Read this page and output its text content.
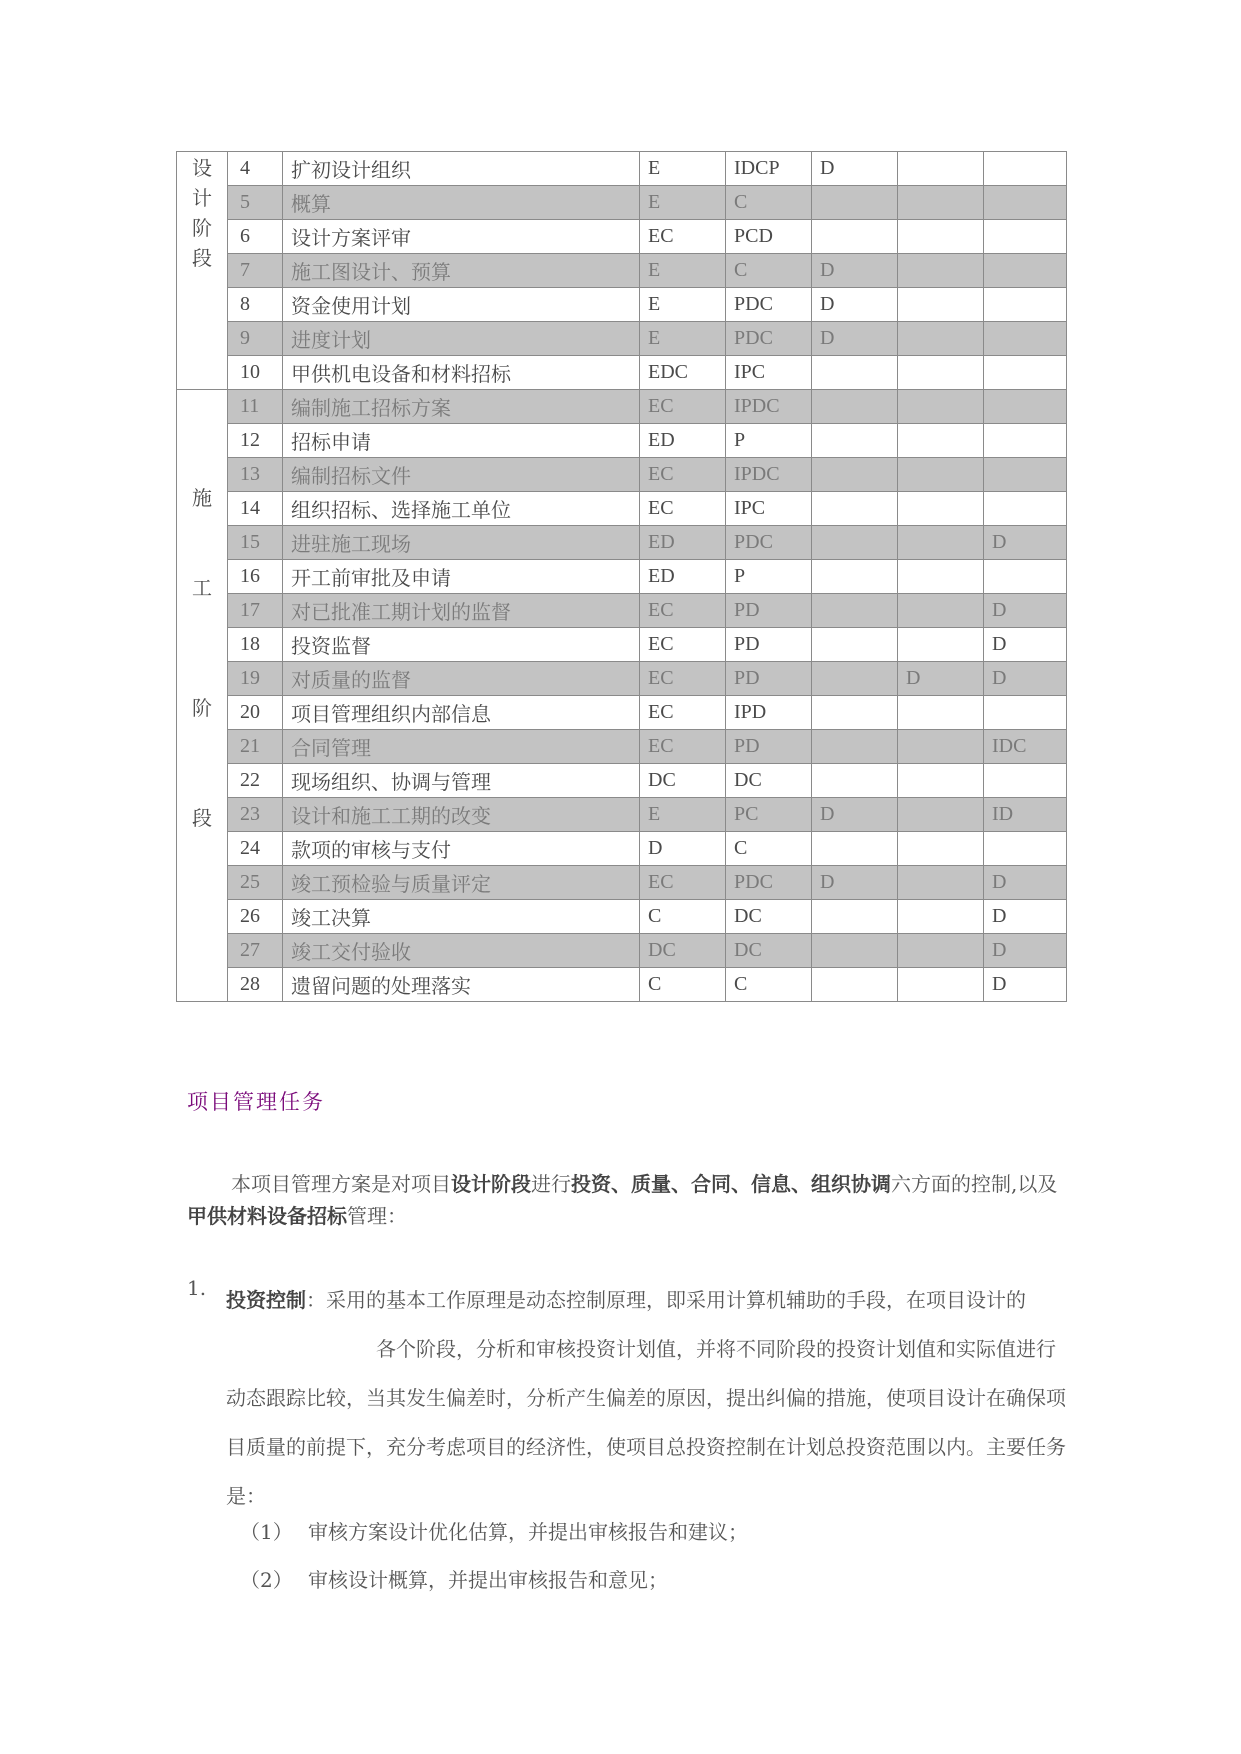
设
计
阶
段	4	扩初设计组织	E	IDCP	D		
	5	概算	E	C			
	6	设计方案评审	EC	PCD			
	7	施工图设计、预算	E	C	D		
	8	资金使用计划	E	PDC	D		
	9	进度计划	E	PDC	D		
	10	甲供机电设备和材料招标	EDC	IPC			

施
工
阶
段	11	编制施工招标方案	EC	IPDC			
	12	招标申请	ED	P			
	13	编制招标文件	EC	IPDC			
	14	组织招标、选择施工单位	EC	IPC			
	15	进驻施工现场	ED	PDC			D
	16	开工前审批及申请	ED	P			
	17	对已批准工期计划的监督	EC	PD			D
	18	投资监督	EC	PD			D
	19	对质量的监督	EC	PD		D	D
	20	项目管理组织内部信息	EC	IPD			
	21	合同管理	EC	PD			IDC
	22	现场组织、协调与管理	DC	DC			
	23	设计和施工工期的改变	E	PC	D		ID
	24	款项的审核与支付	D	C			
	25	竣工预检验与质量评定	EC	PDC	D		D
	26	竣工决算	C	DC			D
	27	竣工交付验收	DC	DC			D
	28	遗留问题的处理落实	C	C			D
项目管理任务
本项目管理方案是对项目设计阶段进行投资、质量、合同、信息、组织协调六方面的控制,以及甲供材料设备招标管理：
1. 投资控制：采用的基本工作原理是动态控制原理，即采用计算机辅助的手段，在项目设计的各个阶段，分析和审核投资计划值，并将不同阶段的投资计划值和实际值进行动态跟踪比较，当其发生偏差时，分析产生偏差的原因，提出纠偏的措施，使项目设计在确保项目质量的前提下，充分考虑项目的经济性，使项目总投资控制在计划总投资范围以内。主要任务是：
（1） 审核方案设计优化估算，并提出审核报告和建议；
（2） 审核设计概算，并提出审核报告和意见；
